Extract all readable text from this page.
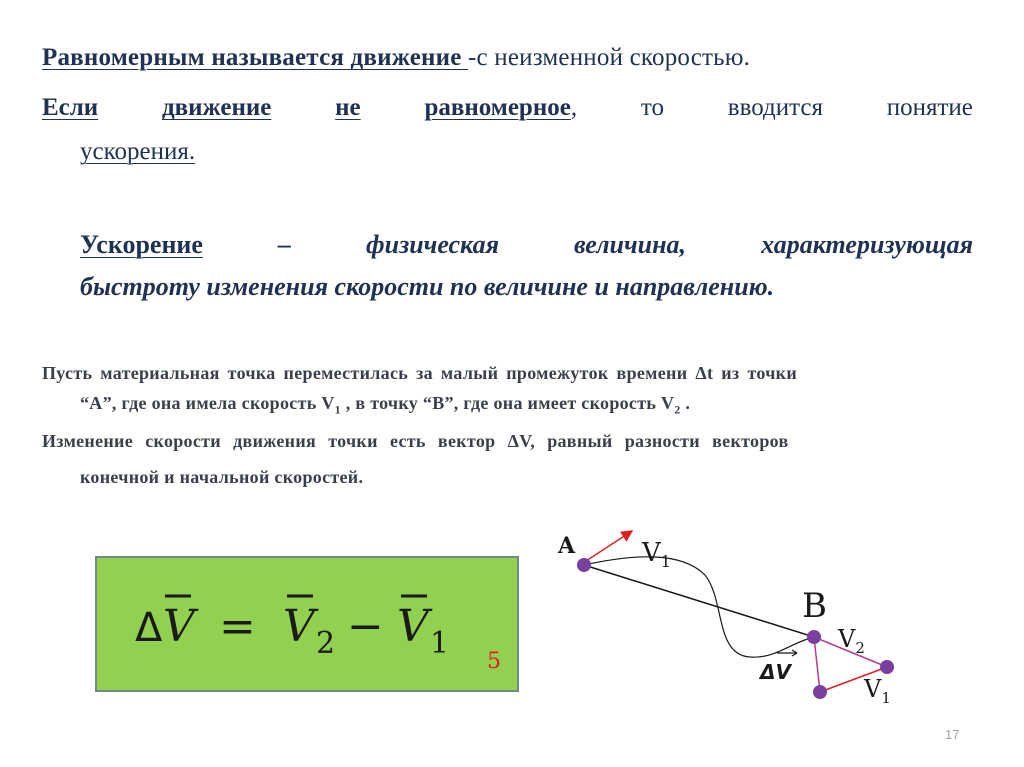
Равномерным называется движение -с неизменной скоростью.
Если	движение	не	равномерное,	то	вводится	понятие
ускорения.
Ускорение	–	физическая	величина,	характеризующая
быстроту изменения скорости по величине и направлению.
Пусть материальная точка переместилась за малый промежуток времени Δt из точки
“А”, где она имела скорость $V_1$ , в точку “В”, где она имеет скорость $V_2$ .
Изменение скорости движения точки есть вектор ΔV, равный разности векторов
конечной и начальной скоростей.
Δ V = V 2 − V 1
5
A	$V_1$
B
$V_2$
$V_1$
ΔV
17
